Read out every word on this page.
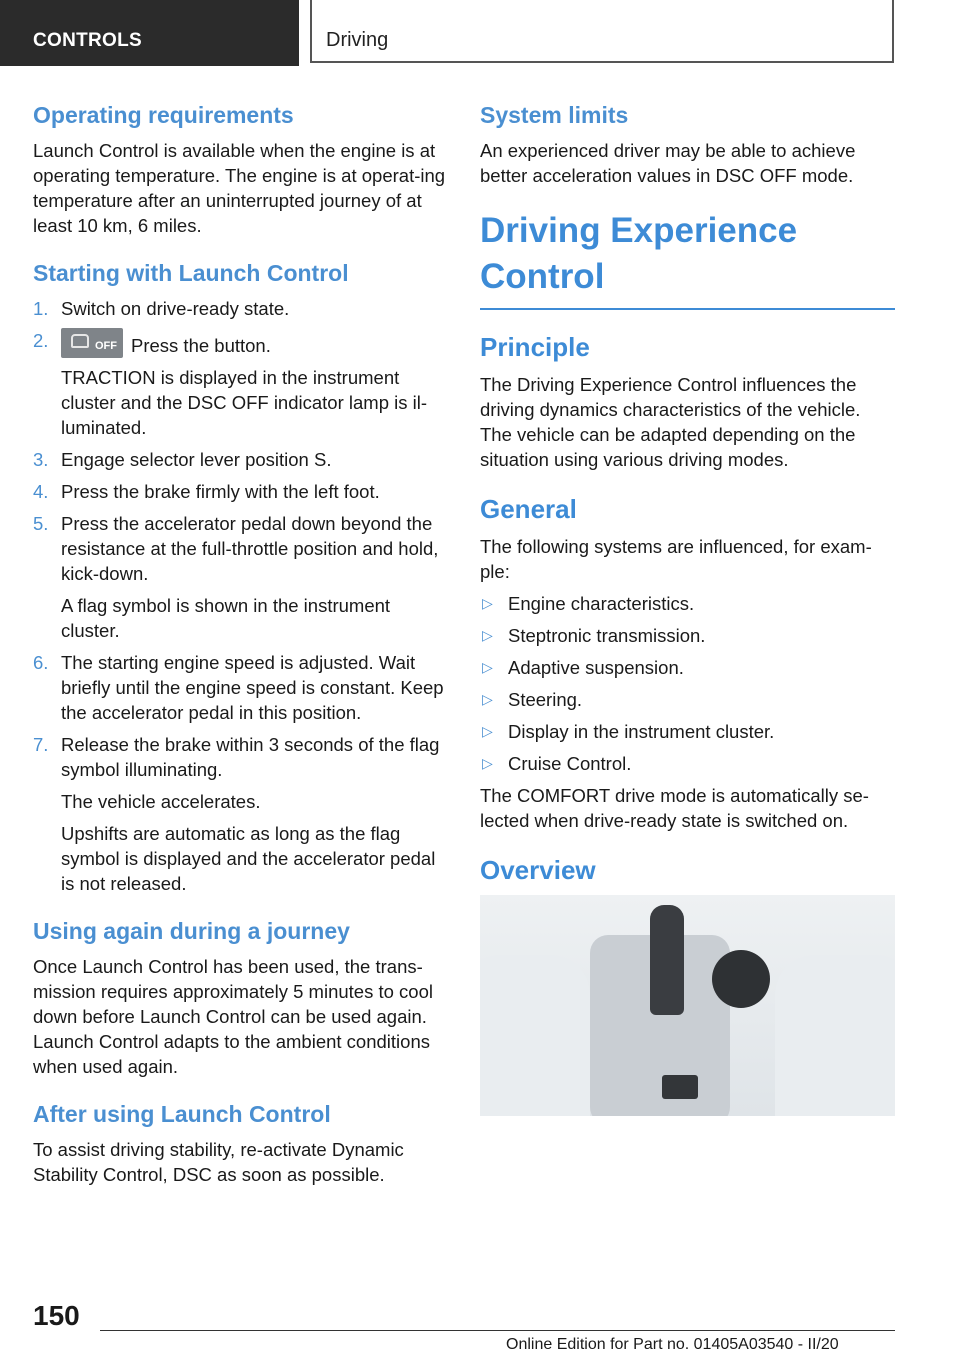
CONTROLS	Driving
Operating requirements

Launch Control is available when the engine is at operating temperature. The engine is at operat-ing temperature after an uninterrupted journey of at least 10 km, 6 miles.

Starting with Launch Control
1. Switch on drive-ready state.
2.	OFF Press the button.
TRACTION is displayed in the instrument cluster and the DSC OFF indicator lamp is il-luminated.
3. Engage selector lever position S.
4. Press the brake firmly with the left foot.
5. Press the accelerator pedal down beyond the resistance at the full-throttle position and hold, kick-down.
A flag symbol is shown in the instrument cluster.
6. The starting engine speed is adjusted. Wait briefly until the engine speed is constant. Keep the accelerator pedal in this position.
7. Release the brake within 3 seconds of the flag symbol illuminating.
The vehicle accelerates.
Upshifts are automatic as long as the flag symbol is displayed and the accelerator pedal is not released.
Using again during a journey

Once Launch Control has been used, the trans-mission requires approximately 5 minutes to cool down before Launch Control can be used again. Launch Control adapts to the ambient conditions when used again.

After using Launch Control

To assist driving stability, re-activate Dynamic Stability Control, DSC as soon as possible.

System limits

An experienced driver may be able to achieve better acceleration values in DSC OFF mode.

Driving Experience Control
Principle

The Driving Experience Control influences the driving dynamics characteristics of the vehicle. The vehicle can be adapted depending on the situation using various driving modes.

General

The following systems are influenced, for exam-ple:

▷ Engine characteristics.
▷ Steptronic transmission.
▷ Adaptive suspension.
▷ Steering.
▷ Display in the instrument cluster.
▷ Cruise Control.

The COMFORT drive mode is automatically se-lected when drive-ready state is switched on.

Overview
150
Online Edition for Part no. 01405A03540 - II/20
